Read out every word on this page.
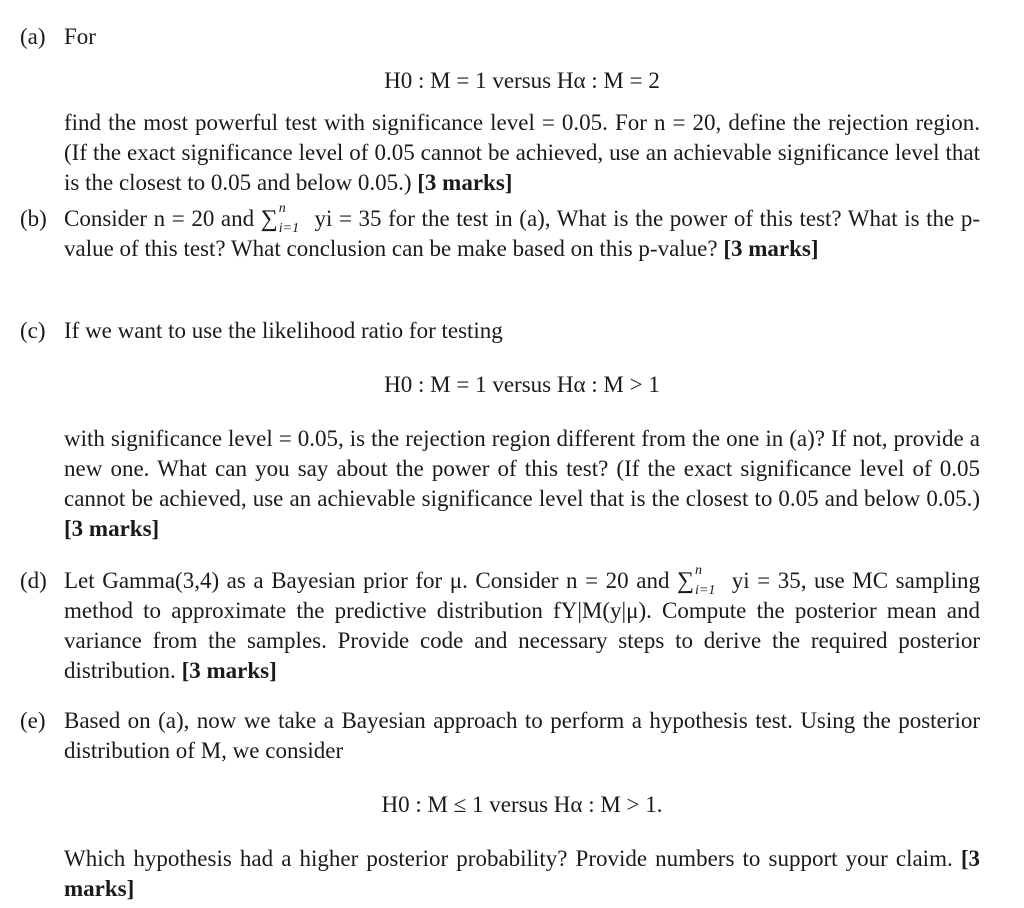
(a) For
H0 : M = 1 versus Hα : M = 2
find the most powerful test with significance level = 0.05. For n = 20, define the rejection region. (If the exact significance level of 0.05 cannot be achieved, use an achievable significance level that is the closest to 0.05 and below 0.05.) [3 marks]
(b) Consider n = 20 and ∑ n
i=1 yi = 35 for the test in (a), What is the power of this test? What is the p-value of this test? What conclusion can be make based on this p-value? [3 marks]
(c) If we want to use the likelihood ratio for testing
H0 : M = 1 versus Hα : M > 1
with significance level = 0.05, is the rejection region different from the one in (a)? If not, provide a new one. What can you say about the power of this test? (If the exact significance level of 0.05 cannot be achieved, use an achievable significance level that is the closest to 0.05 and below 0.05.) [3 marks]
(d) Let Gamma(3,4) as a Bayesian prior for μ. Consider n = 20 and ∑ n
i=1 yi = 35, use MC sampling method to approximate the predictive distribution fY|M(y|μ). Compute the posterior mean and variance from the samples. Provide code and necessary steps to derive the required posterior distribution. [3 marks]
(e) Based on (a), now we take a Bayesian approach to perform a hypothesis test. Using the posterior distribution of M, we consider
H0 : M ≤ 1 versus Hα : M > 1.
Which hypothesis had a higher posterior probability? Provide numbers to support your claim. [3 marks]
